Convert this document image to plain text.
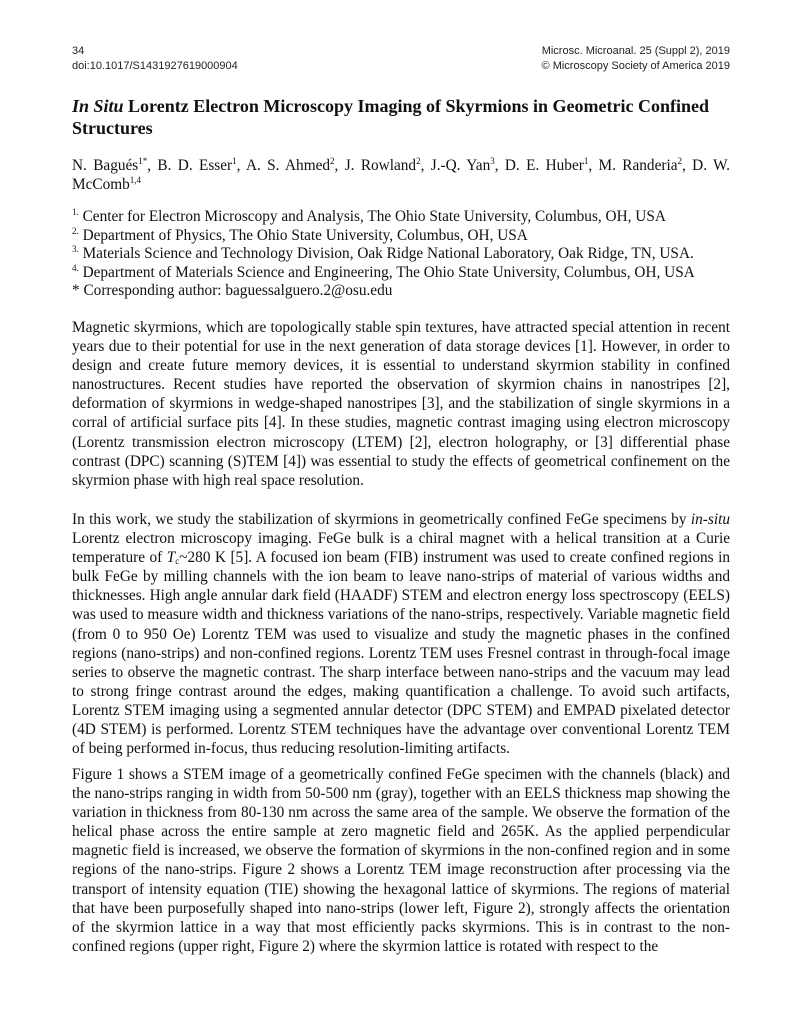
34
doi:10.1017/S1431927619000904
Microsc. Microanal. 25 (Suppl 2), 2019
© Microscopy Society of America 2019
In Situ Lorentz Electron Microscopy Imaging of Skyrmions in Geometric Confined Structures
N. Bagués$^{1*}$, B. D. Esser$^1$, A. S. Ahmed$^2$, J. Rowland$^2$, J.-Q. Yan$^3$, D. E. Huber$^1$, M. Randeria$^2$, D. W. McComb$^{1,4}$
$^{1.}$ Center for Electron Microscopy and Analysis, The Ohio State University, Columbus, OH, USA
$^{2.}$ Department of Physics, The Ohio State University, Columbus, OH, USA
$^{3.}$ Materials Science and Technology Division, Oak Ridge National Laboratory, Oak Ridge, TN, USA.
$^{4.}$ Department of Materials Science and Engineering, The Ohio State University, Columbus, OH, USA
* Corresponding author: baguessalguero.2@osu.edu

Magnetic skyrmions, which are topologically stable spin textures, have attracted special attention in recent years due to their potential for use in the next generation of data storage devices [1]. However, in order to design and create future memory devices, it is essential to understand skyrmion stability in confined nanostructures. Recent studies have reported the observation of skyrmion chains in nanostripes [2], deformation of skyrmions in wedge-shaped nanostripes [3], and the stabilization of single skyrmions in a corral of artificial surface pits [4]. In these studies, magnetic contrast imaging using electron microscopy (Lorentz transmission electron microscopy (LTEM) [2], electron holography, or [3] differential phase contrast (DPC) scanning (S)TEM [4]) was essential to study the effects of geometrical confinement on the skyrmion phase with high real space resolution.

In this work, we study the stabilization of skyrmions in geometrically confined FeGe specimens by in-situ Lorentz electron microscopy imaging. FeGe bulk is a chiral magnet with a helical transition at a Curie temperature of $T_c\sim 280$ K [5]. A focused ion beam (FIB) instrument was used to create confined regions in bulk FeGe by milling channels with the ion beam to leave nano-strips of material of various widths and thicknesses. High angle annular dark field (HAADF) STEM and electron energy loss spectroscopy (EELS) was used to measure width and thickness variations of the nano-strips, respectively. Variable magnetic field (from 0 to 950 Oe) Lorentz TEM was used to visualize and study the magnetic phases in the confined regions (nano-strips) and non-confined regions. Lorentz TEM uses Fresnel contrast in through-focal image series to observe the magnetic contrast. The sharp interface between nano-strips and the vacuum may lead to strong fringe contrast around the edges, making quantification a challenge. To avoid such artifacts, Lorentz STEM imaging using a segmented annular detector (DPC STEM) and EMPAD pixelated detector (4D STEM) is performed. Lorentz STEM techniques have the advantage over conventional Lorentz TEM of being performed in-focus, thus reducing resolution-limiting artifacts.

Figure 1 shows a STEM image of a geometrically confined FeGe specimen with the channels (black) and the nano-strips ranging in width from 50-500 nm (gray), together with an EELS thickness map showing the variation in thickness from 80-130 nm across the same area of the sample. We observe the formation of the helical phase across the entire sample at zero magnetic field and 265K. As the applied perpendicular magnetic field is increased, we observe the formation of skyrmions in the non-confined region and in some regions of the nano-strips. Figure 2 shows a Lorentz TEM image reconstruction after processing via the transport of intensity equation (TIE) showing the hexagonal lattice of skyrmions. The regions of material that have been purposefully shaped into nano-strips (lower left, Figure 2), strongly affects the orientation of the skyrmion lattice in a way that most efficiently packs skyrmions. This is in contrast to the non-confined regions (upper right, Figure 2) where the skyrmion lattice is rotated with respect to the
